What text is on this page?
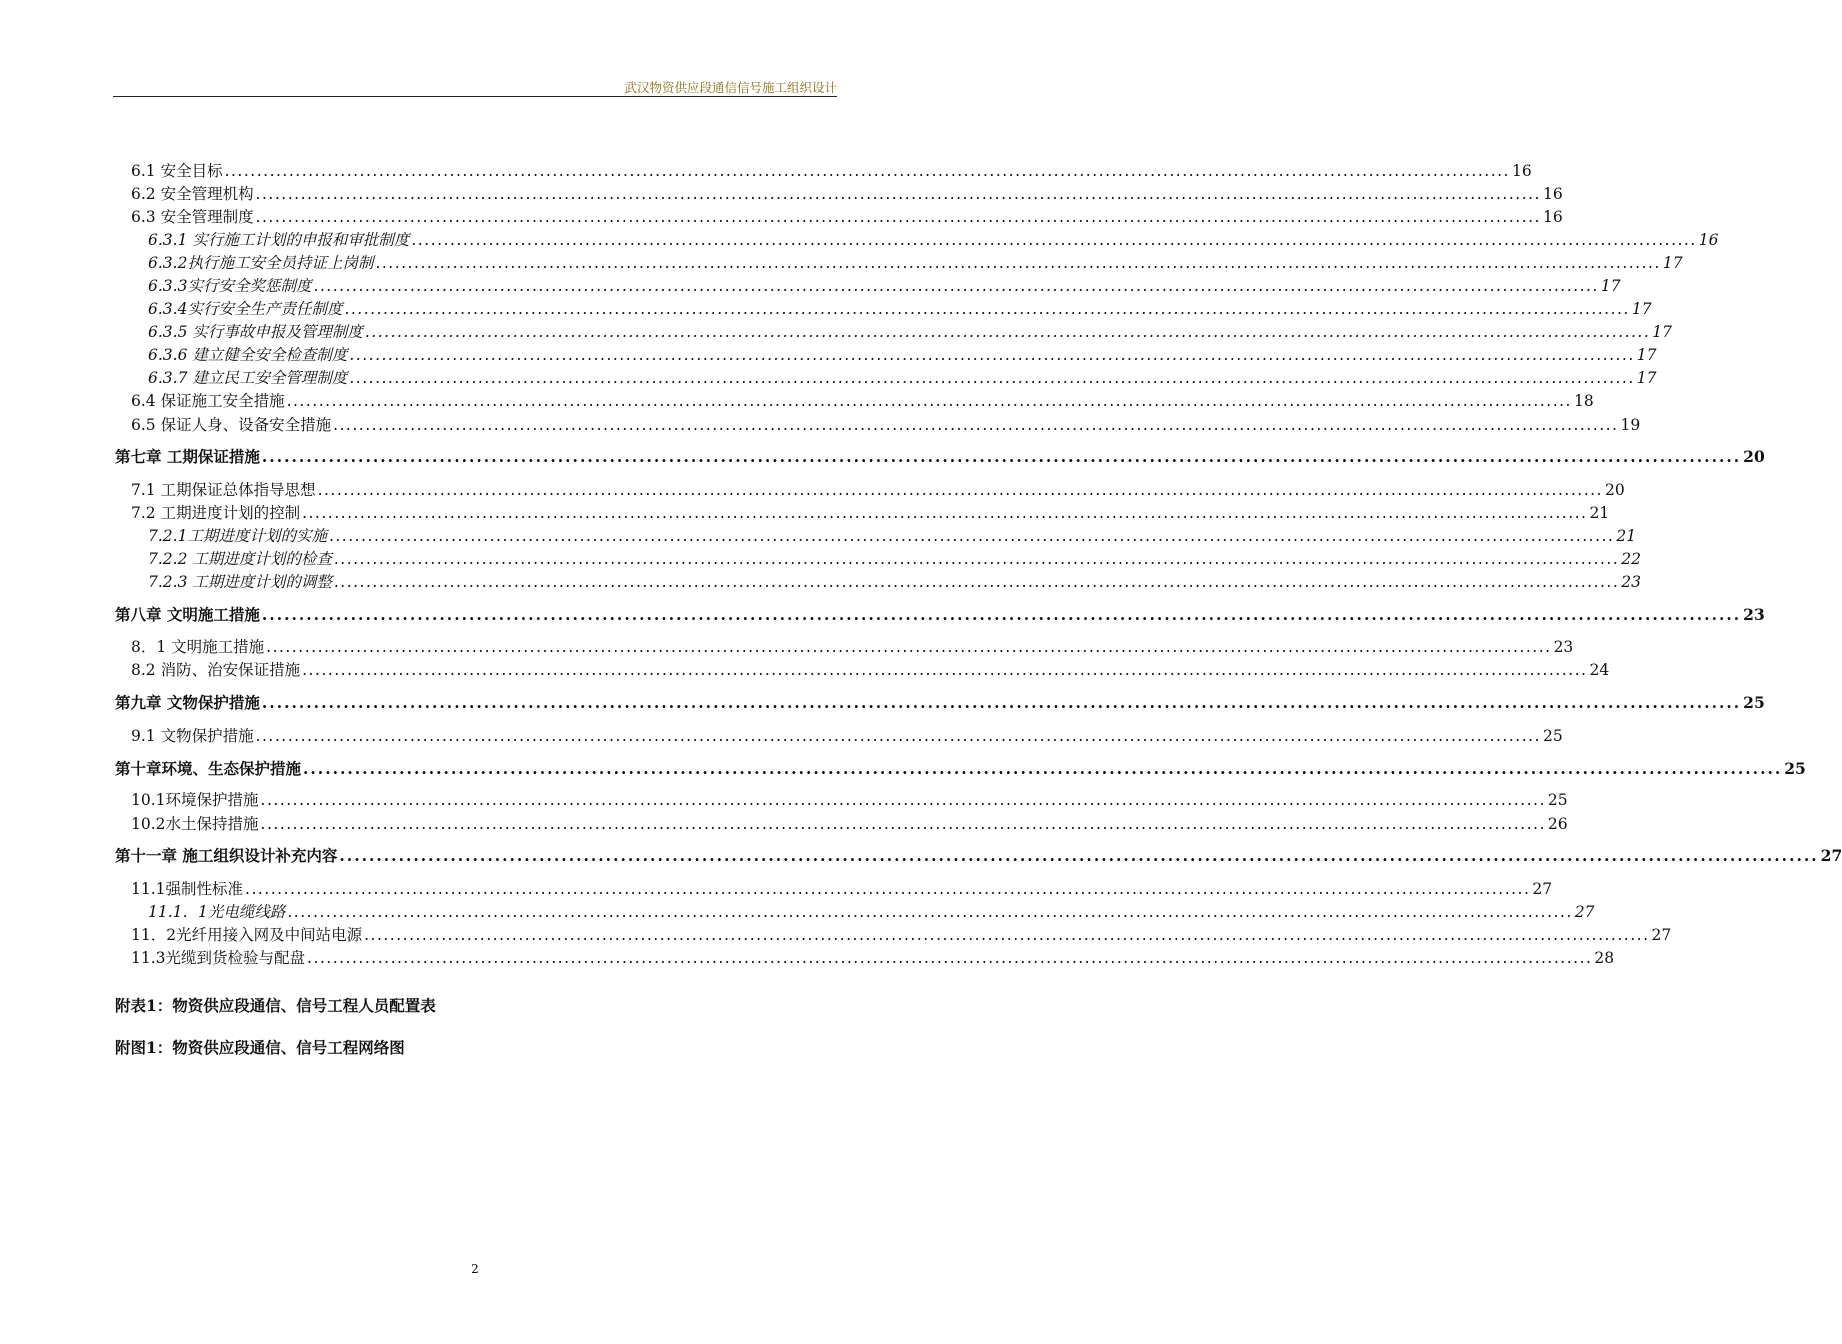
武汉物资供应段通信信号施工组织设计
6.1 安全目标 ........................................................................................................................................................................................................ 16
6.2 安全管理机构 ........................................................................................................................................................................................................ 16
6.3 安全管理制度 ........................................................................................................................................................................................................ 16
6.3.1 实行施工计划的申报和审批制度 ........................................................................................................................................................................................................ 16
6.3.2执行施工安全员持证上岗制 ........................................................................................................................................................................................................ 17
6.3.3实行安全奖惩制度 ........................................................................................................................................................................................................ 17
6.3.4实行安全生产责任制度 ........................................................................................................................................................................................................ 17
6.3.5 实行事故申报及管理制度 ........................................................................................................................................................................................................ 17
6.3.6 建立健全安全检查制度 ........................................................................................................................................................................................................ 17
6.3.7 建立民工安全管理制度 ........................................................................................................................................................................................................ 17
6.4 保证施工安全措施 ........................................................................................................................................................................................................ 18
6.5 保证人身、设备安全措施 ........................................................................................................................................................................................................ 19
第七章 工期保证措施 ........................................................................................................................................................................................................ 20
7.1 工期保证总体指导思想 ........................................................................................................................................................................................................ 20
7.2 工期进度计划的控制 ........................................................................................................................................................................................................ 21
7.2.1工期进度计划的实施 ........................................................................................................................................................................................................ 21
7.2.2 工期进度计划的检查 ........................................................................................................................................................................................................ 22
7.2.3 工期进度计划的调整 ........................................................................................................................................................................................................ 23
第八章 文明施工措施 ........................................................................................................................................................................................................ 23
8．1 文明施工措施 ........................................................................................................................................................................................................ 23
8.2 消防、治安保证措施 ........................................................................................................................................................................................................ 24
第九章 文物保护措施 ........................................................................................................................................................................................................ 25
9.1 文物保护措施 ........................................................................................................................................................................................................ 25
第十章环境、生态保护措施 ........................................................................................................................................................................................................ 25
10.1环境保护措施 ........................................................................................................................................................................................................ 25
10.2水土保持措施 ........................................................................................................................................................................................................ 26
第十一章 施工组织设计补充内容 ........................................................................................................................................................................................................ 27
11.1强制性标准 ........................................................................................................................................................................................................ 27
11.1．1光电缆线路 ........................................................................................................................................................................................................ 27
11．2光纤用接入网及中间站电源 ........................................................................................................................................................................................................ 27
11.3光缆到货检验与配盘 ........................................................................................................................................................................................................ 28
附表1：物资供应段通信、信号工程人员配置表
附图1：物资供应段通信、信号工程网络图
2
